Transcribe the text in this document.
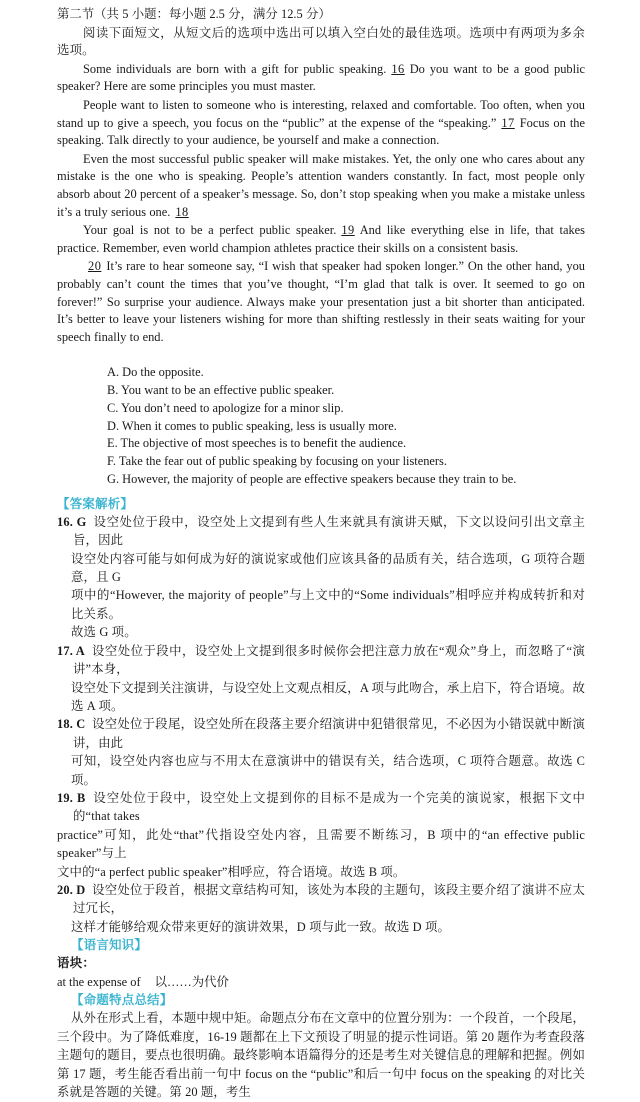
第二节（共 5 小题：每小题 2.5 分，满分 12.5 分）
阅读下面短文，从短文后的选项中选出可以填入空白处的最佳选项。选项中有两项为多余选项。

Some individuals are born with a gift for public speaking. 16 Do you want to be a good public speaker? Here are some principles you must master.

People want to listen to someone who is interesting, relaxed and comfortable. Too often, when you stand up to give a speech, you focus on the “public” at the expense of the “speaking.” 17 Focus on the speaking. Talk directly to your audience, be yourself and make a connection.

Even the most successful public speaker will make mistakes. Yet, the only one who cares about any mistake is the one who is speaking. People’s attention wanders constantly. In fact, most people only absorb about 20 percent of a speaker’s message. So, don’t stop speaking when you make a mistake unless it’s a truly serious one. 18

Your goal is not to be a perfect public speaker. 19 And like everything else in life, that takes practice. Remember, even world champion athletes practice their skills on a consistent basis.

20 It’s rare to hear someone say, “I wish that speaker had spoken longer.” On the other hand, you probably can’t count the times that you’ve thought, “I’m glad that talk is over. It seemed to go on forever!” So surprise your audience. Always make your presentation just a bit shorter than anticipated. It’s better to leave your listeners wishing for more than shifting restlessly in their seats waiting for your speech finally to end.

A. Do the opposite.
B. You want to be an effective public speaker.
C. You don’t need to apologize for a minor slip.
D. When it comes to public speaking, less is usually more.
E. The objective of most speeches is to benefit the audience.
F. Take the fear out of public speaking by focusing on your listeners.
G. However, the majority of people are effective speakers because they train to be.
【答案解析】

16. G 设空处位于段中，设空处上文提到有些人生来就具有演讲天赋，下文以设问引出文章主旨，因此

设空处内容可能与如何成为好的演说家或他们应该具备的品质有关，结合选项，G 项符合题意，且 G

项中的“However, the majority of people”与上文中的“Some individuals”相呼应并构成转折和对比关系。

故选 G 项。

17. A 设空处位于段中，设空处上文提到很多时候你会把注意力放在“观众”身上，而忽略了“演讲”本身，

设空处下文提到关注演讲，与设空处上文观点相反，A 项与此吻合，承上启下，符合语境。故选 A 项。

18. C 设空处位于段尾，设空处所在段落主要介绍演讲中犯错很常见，不必因为小错误就中断演讲，由此

可知，设空处内容也应与不用太在意演讲中的错误有关，结合选项，C 项符合题意。故选 C 项。

19. B 设空处位于段中，设空处上文提到你的目标不是成为一个完美的演说家，根据下文中的“that takes

practice”可知，此处“that”代指设空处内容，且需要不断练习，B 项中的“an effective public speaker”与上

文中的“a perfect public speaker”相呼应，符合语境。故选 B 项。

20. D 设空处位于段首，根据文章结构可知，该处为本段的主题句，该段主要介绍了演讲不应太过冗长，

这样才能够给观众带来更好的演讲效果，D 项与此一致。故选 D 项。

【语言知识】
语块：
at the expense of 以……为代价
【命题特点总结】

从外在形式上看，本题中规中矩。命题点分布在文章中的位置分别为：一个段首，一个段尾，三个段中。为了降低难度，16-19 题都在上下文预设了明显的提示性词语。第 20 题作为考查段落主题句的题目，要点也很明确。最终影响本语篇得分的还是考生对关键信息的理解和把握。例如第 17 题，考生能否看出前一句中 focus on the “public”和后一句中 focus on the speaking 的对比关系就是答题的关键。第 20 题，考生
